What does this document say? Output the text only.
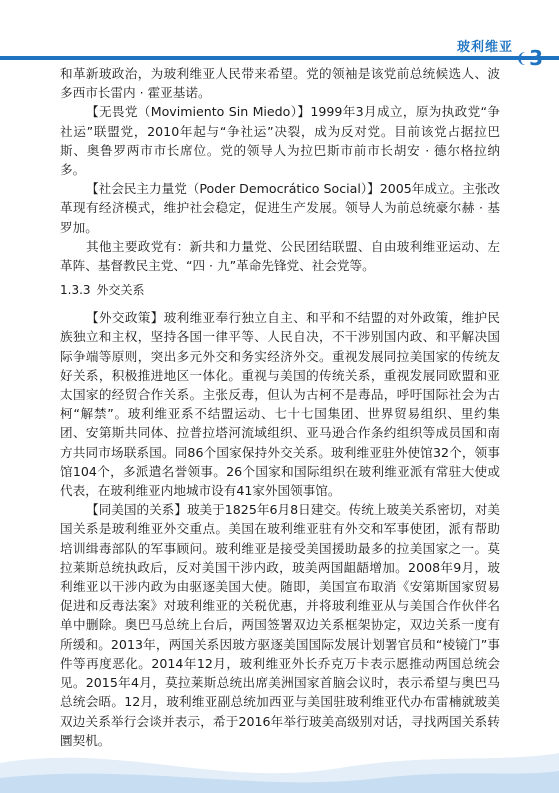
玻利维亚
❨ 3

和革新玻政治，为玻利维亚人民带来希望。党的领袖是该党前总统候选人、波多西市长雷内 · 霍亚基诺。

【无畏党（Movimiento Sin Miedo）】1999年3月成立，原为执政党“争社运”联盟党，2010年起与“争社运”决裂，成为反对党。目前该党占据拉巴斯、奥鲁罗两市市长席位。党的领导人为拉巴斯市前市长胡安 · 德尔格拉纳多。

【社会民主力量党（Poder Democrático Social）】2005年成立。主张改革现有经济模式，维护社会稳定，促进生产发展。领导人为前总统豪尔赫 · 基罗加。

其他主要政党有：新共和力量党、公民团结联盟、自由玻利维亚运动、左革阵、基督教民主党、“四 · 九”革命先锋党、社会党等。

1.3.3 外交关系

【外交政策】玻利维亚奉行独立自主、和平和不结盟的对外政策，维护民族独立和主权，坚持各国一律平等、人民自决，不干涉别国内政、和平解决国际争端等原则，突出多元外交和务实经济外交。重视发展同拉美国家的传统友好关系，积极推进地区一体化。重视与美国的传统关系，重视发展同欧盟和亚太国家的经贸合作关系。主张反毒，但认为古柯不是毒品，呼吁国际社会为古柯“解禁”。玻利维亚系不结盟运动、七十七国集团、世界贸易组织、里约集团、安第斯共同体、拉普拉塔河流域组织、亚马逊合作条约组织等成员国和南方共同市场联系国。同86个国家保持外交关系。玻利维亚驻外使馆32个，领事馆104个，多派遣名誉领事。26个国家和国际组织在玻利维亚派有常驻大使或代表，在玻利维亚内地城市设有41家外国领事馆。

【同美国的关系】玻美于1825年6月8日建交。传统上玻美关系密切，对美国关系是玻利维亚外交重点。美国在玻利维亚驻有外交和军事使团，派有帮助培训缉毒部队的军事顾问。玻利维亚是接受美国援助最多的拉美国家之一。莫拉莱斯总统执政后，反对美国干涉内政，玻美两国龃龉增加。2008年9月，玻利维亚以干涉内政为由驱逐美国大使。随即，美国宣布取消《安第斯国家贸易促进和反毒法案》对玻利维亚的关税优惠，并将玻利维亚从与美国合作伙伴名单中删除。奥巴马总统上台后，两国签署双边关系框架协定，双边关系一度有所缓和。2013年，两国关系因玻方驱逐美国国际发展计划署官员和“棱镜门”事件等再度恶化。2014年12月，玻利维亚外长乔克万卡表示愿推动两国总统会见。2015年4月，莫拉莱斯总统出席美洲国家首脑会议时，表示希望与奥巴马总统会晤。12月，玻利维亚副总统加西亚与美国驻玻利维亚代办布雷楠就玻美双边关系举行会谈并表示，希于2016年举行玻美高级别对话，寻找两国关系转圜契机。
